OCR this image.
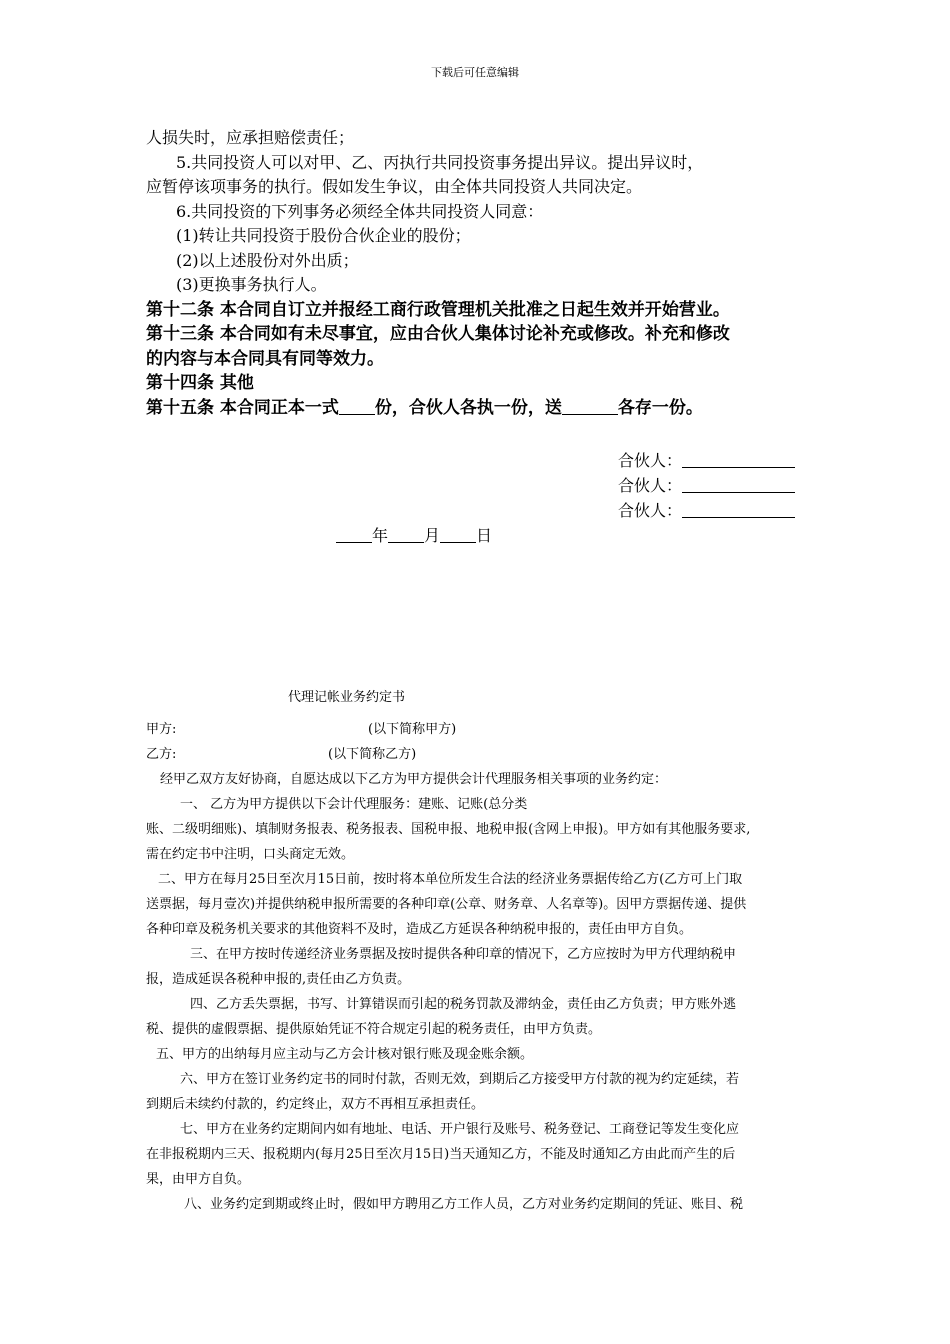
下载后可任意编辑
人损失时，应承担赔偿责任；
5.共同投资人可以对甲、乙、丙执行共同投资事务提出异议。提出异议时，
应暂停该项事务的执行。假如发生争议，由全体共同投资人共同决定。
6.共同投资的下列事务必须经全体共同投资人同意：
(1)转让共同投资于股份合伙企业的股份；
(2)以上述股份对外出质；
(3)更换事务执行人。
第十二条 本合同自订立并报经工商行政管理机关批准之日起生效并开始营业。
第十三条 本合同如有未尽事宜，应由合伙人集体讨论补充或修改。补充和修改
的内容与本合同具有同等效力。
第十四条 其他
第十五条 本合同正本一式 份，合伙人各执一份，送	各存一份。
合伙人：
合伙人：
合伙人：
年 月 日
代理记帐业务约定书
甲方:	(以下简称甲方)
乙方:	(以下简称乙方)
经甲乙双方友好协商，自愿达成以下乙方为甲方提供会计代理服务相关事项的业务约定：
一、 乙方为甲方提供以下会计代理服务：建账、记账(总分类
账、二级明细账)、填制财务报表、税务报表、国税申报、地税申报(含网上申报)。甲方如有其他服务要求,
需在约定书中注明，口头商定无效。
二、甲方在每月25日至次月15日前，按时将本单位所发生合法的经济业务票据传给乙方(乙方可上门取
送票据，每月壹次)并提供纳税申报所需要的各种印章(公章、财务章、人名章等)。因甲方票据传递、提供
各种印章及税务机关要求的其他资料不及时，造成乙方延误各种纳税申报的，责任由甲方自负。
三、在甲方按时传递经济业务票据及按时提供各种印章的情况下，乙方应按时为甲方代理纳税申
报，造成延误各税种申报的,责任由乙方负责。
四、乙方丢失票据，书写、计算错误而引起的税务罚款及滞纳金，责任由乙方负责；甲方账外逃
税、提供的虚假票据、提供原始凭证不符合规定引起的税务责任，由甲方负责。
五、甲方的出纳每月应主动与乙方会计核对银行账及现金账余额。
六、甲方在签订业务约定书的同时付款，否则无效，到期后乙方接受甲方付款的视为约定延续，若
到期后未续约付款的，约定终止，双方不再相互承担责任。
七、甲方在业务约定期间内如有地址、电话、开户银行及账号、税务登记、工商登记等发生变化应
在非报税期内三天、报税期内(每月25日至次月15日)当天通知乙方，不能及时通知乙方由此而产生的后
果，由甲方自负。
八、业务约定到期或终止时，假如甲方聘用乙方工作人员，乙方对业务约定期间的凭证、账目、税
